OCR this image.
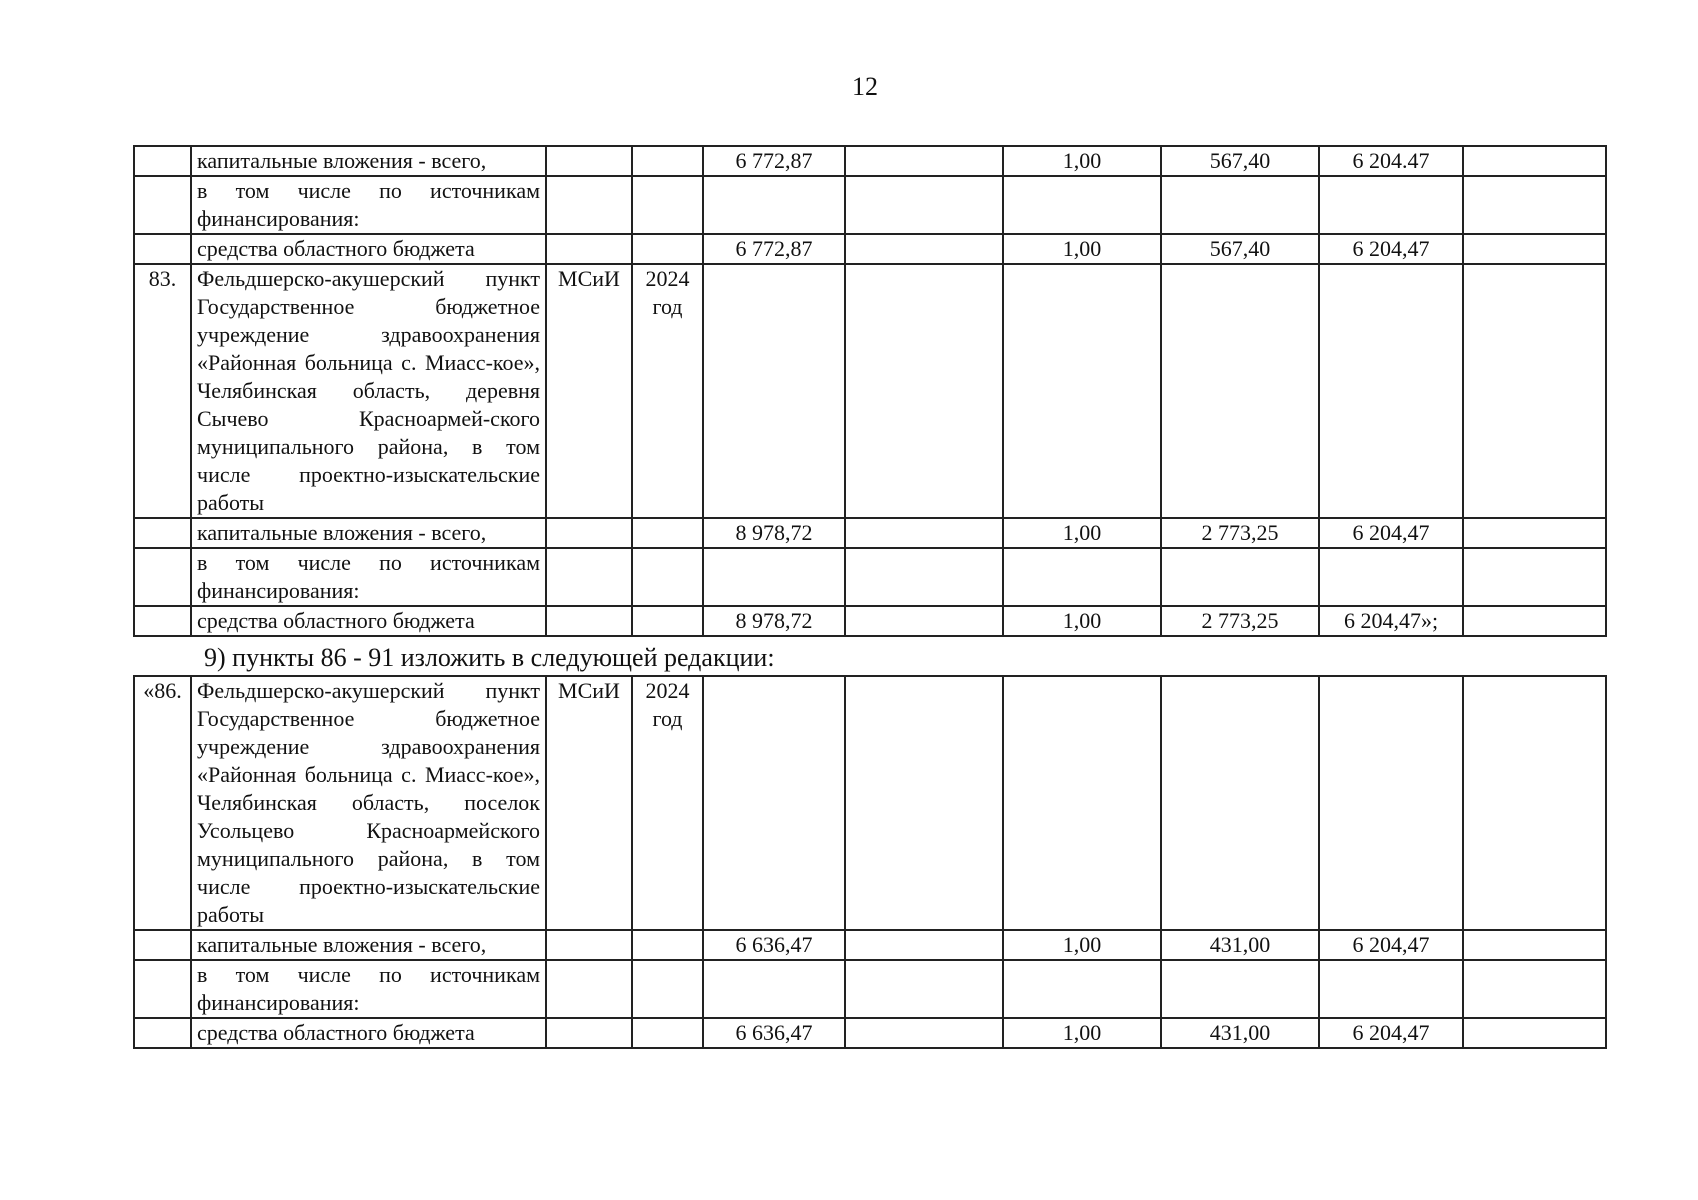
12
	капитальные вложения - всего,			6 772,87		1,00	567,40	6 204.47	
	в том числе по источникам финансирования:								
	средства областного бюджета			6 772,87		1,00	567,40	6 204,47	
83.	Фельдшерско-акушерский пункт Государственное бюджетное учреждение здравоохранения «Районная больница с. Миасс-кое», Челябинская область, деревня Сычево Красноармей-ского муниципального района, в том числе проектно-изыскательские работы	МСиИ	2024
год						

	капитальные вложения - всего,			8 978,72		1,00	2 773,25	6 204,47	
	в том числе по источникам финансирования:								
	средства областного бюджета			8 978,72		1,00	2 773,25	6 204,47»;	
9) пункты 86 - 91 изложить в следующей редакции:
«86.	Фельдшерско-акушерский пункт Государственное бюджетное учреждение здравоохранения «Районная больница с. Миасс-кое», Челябинская область, поселок Усольцево Красноармейского муниципального района, в том числе проектно-изыскательские работы	МСиИ	2024
год						

	капитальные вложения - всего,			6 636,47		1,00	431,00	6 204,47	
	в том числе по источникам финансирования:								
	средства областного бюджета			6 636,47		1,00	431,00	6 204,47	
